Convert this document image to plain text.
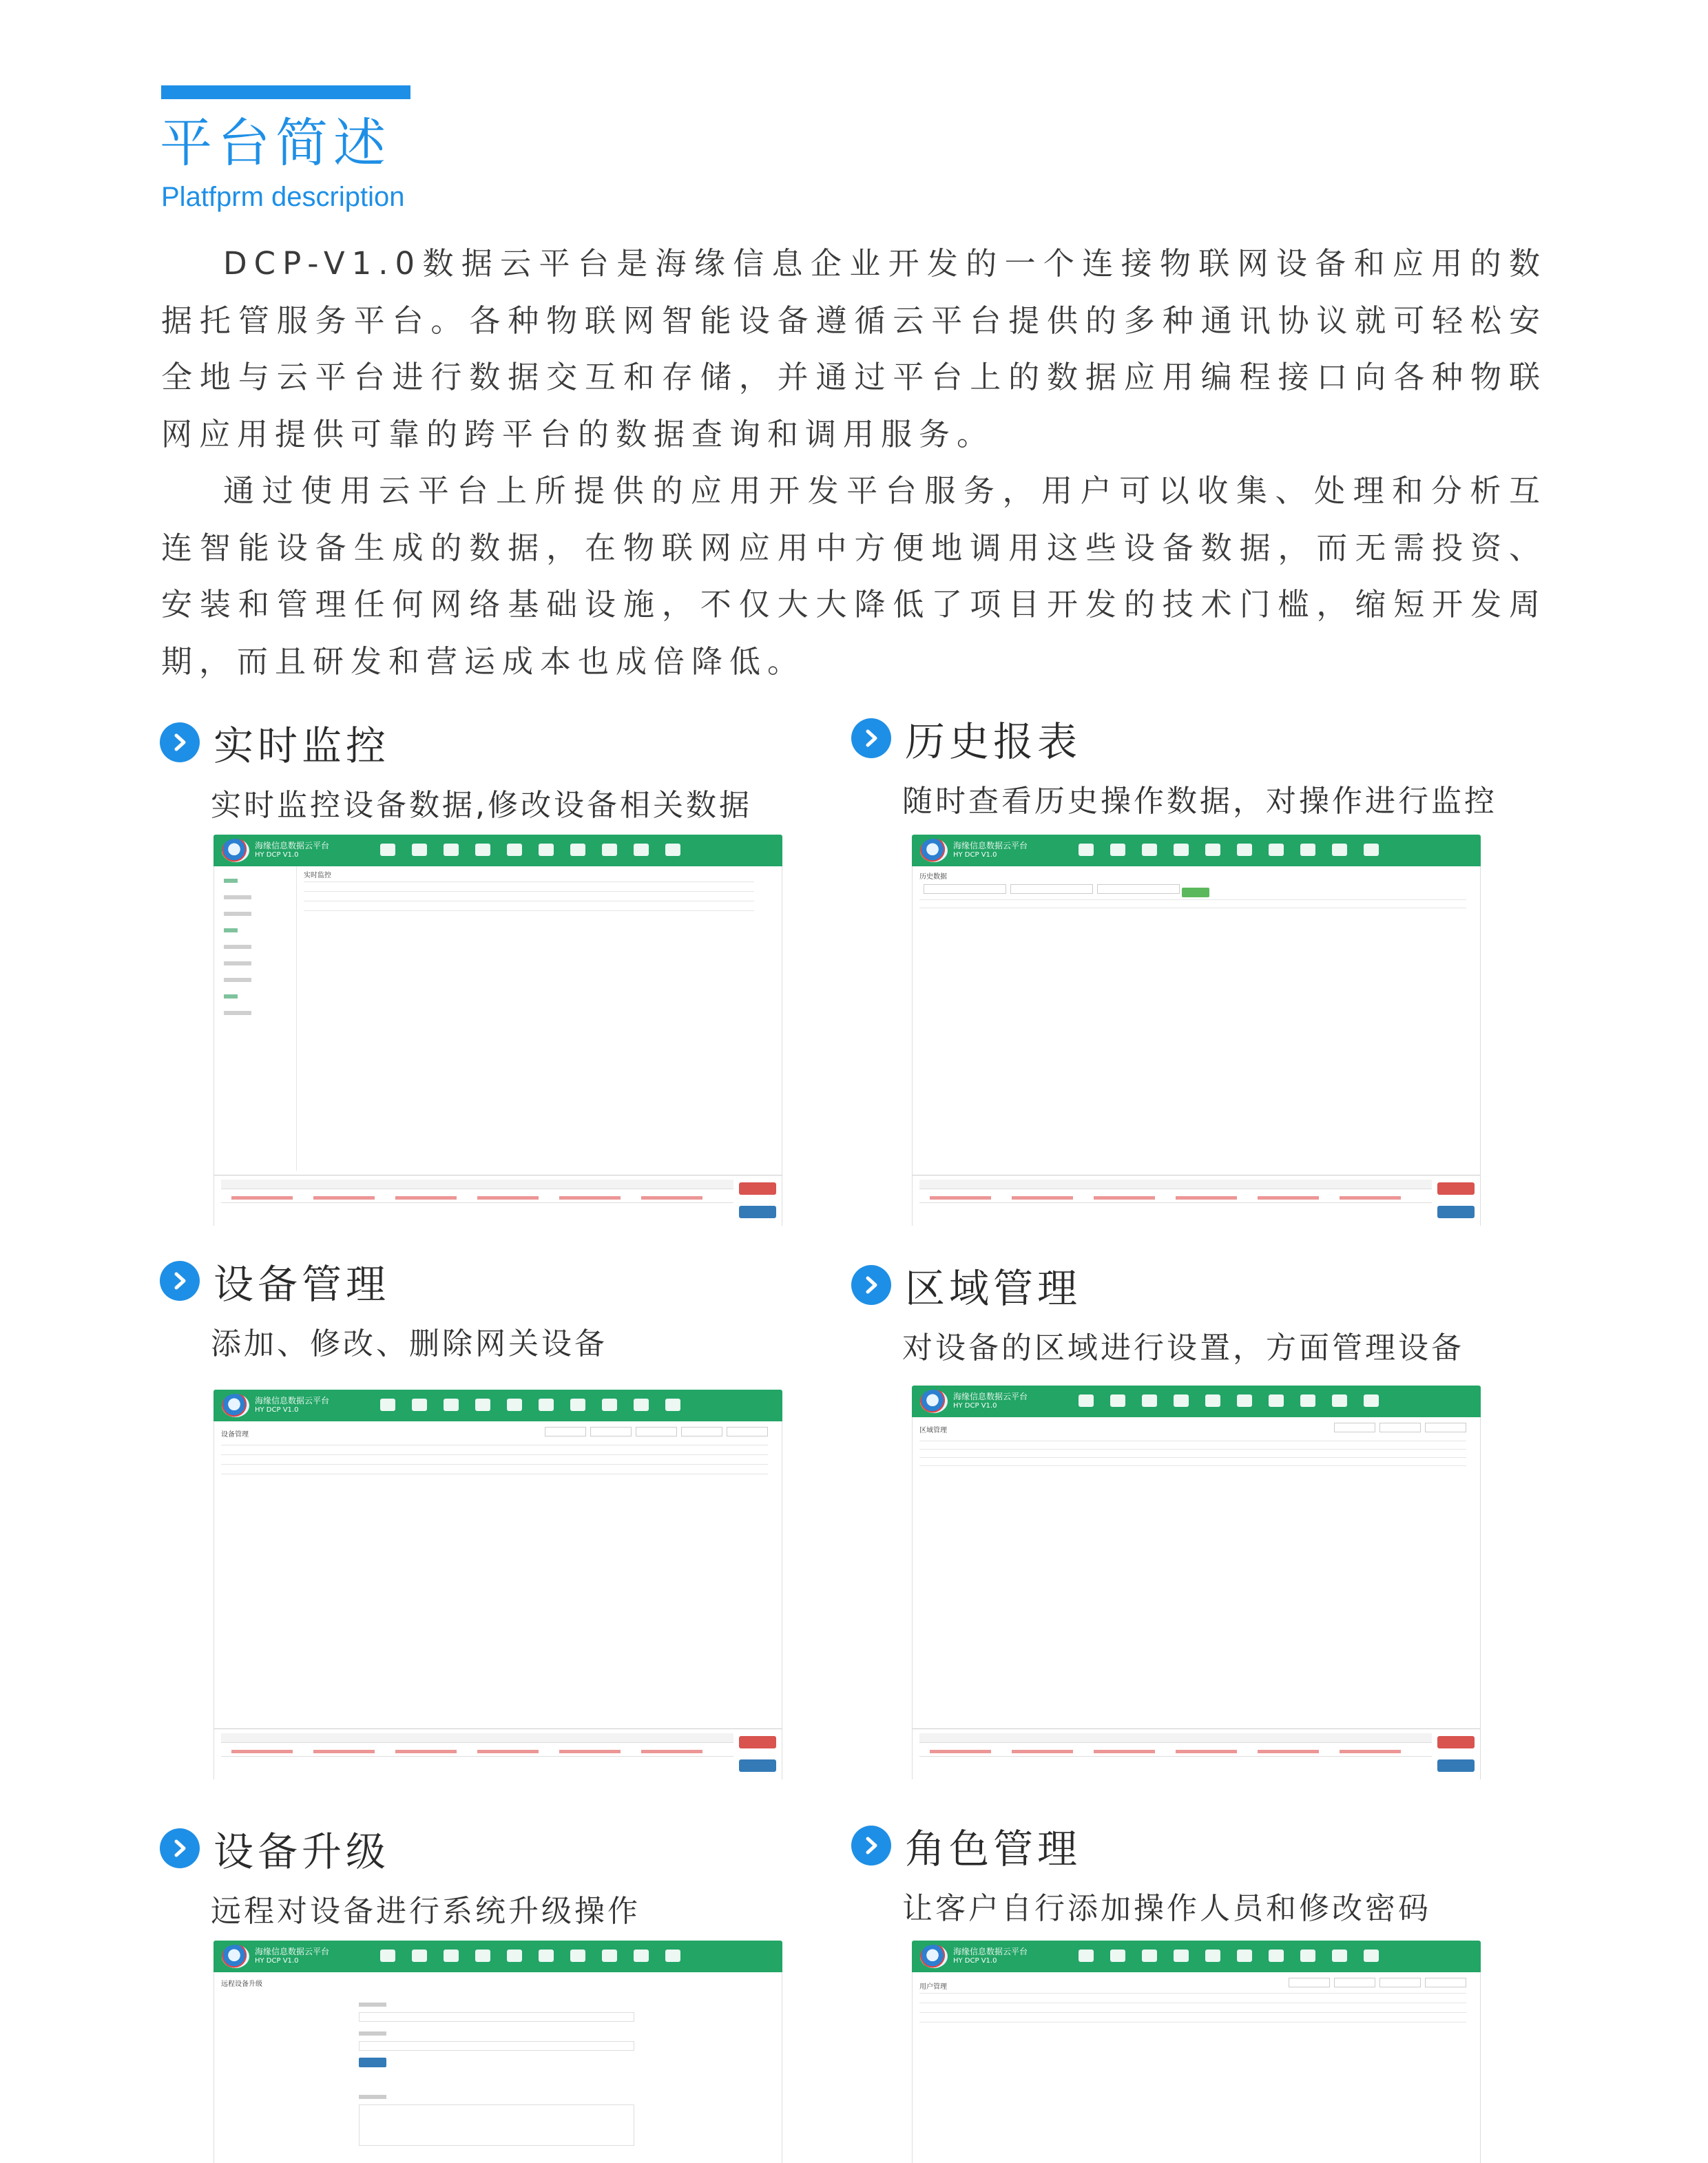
平台简述
Platfprm description

DCP-V1.0数据云平台是海缘信息企业开发的一个连接物联网设备和应用的数据托管服务平台。各种物联网智能设备遵循云平台提供的多种通讯协议就可轻松安全地与云平台进行数据交互和存储，并通过平台上的数据应用编程接口向各种物联网应用提供可靠的跨平台的数据查询和调用服务。

通过使用云平台上所提供的应用开发平台服务，用户可以收集、处理和分析互连智能设备生成的数据，在物联网应用中方便地调用这些设备数据，而无需投资、安装和管理任何网络基础设施，不仅大大降低了项目开发的技术门槛，缩短开发周期，而且研发和营运成本也成倍降低。

实时监控
实时监控设备数据,修改设备相关数据
海缘信息数据云平台
HY DCP V1.0
实时监控
历史报表
随时查看历史操作数据，对操作进行监控
海缘信息数据云平台
HY DCP V1.0
历史数据

设备管理
添加、修改、删除网关设备
海缘信息数据云平台
HY DCP V1.0
设备管理
区域管理
对设备的区域进行设置，方面管理设备
海缘信息数据云平台
HY DCP V1.0
区域管理
设备升级
远程对设备进行系统升级操作
海缘信息数据云平台
HY DCP V1.0
远程设备升级
角色管理
让客户自行添加操作人员和修改密码
海缘信息数据云平台
HY DCP V1.0
用户管理
